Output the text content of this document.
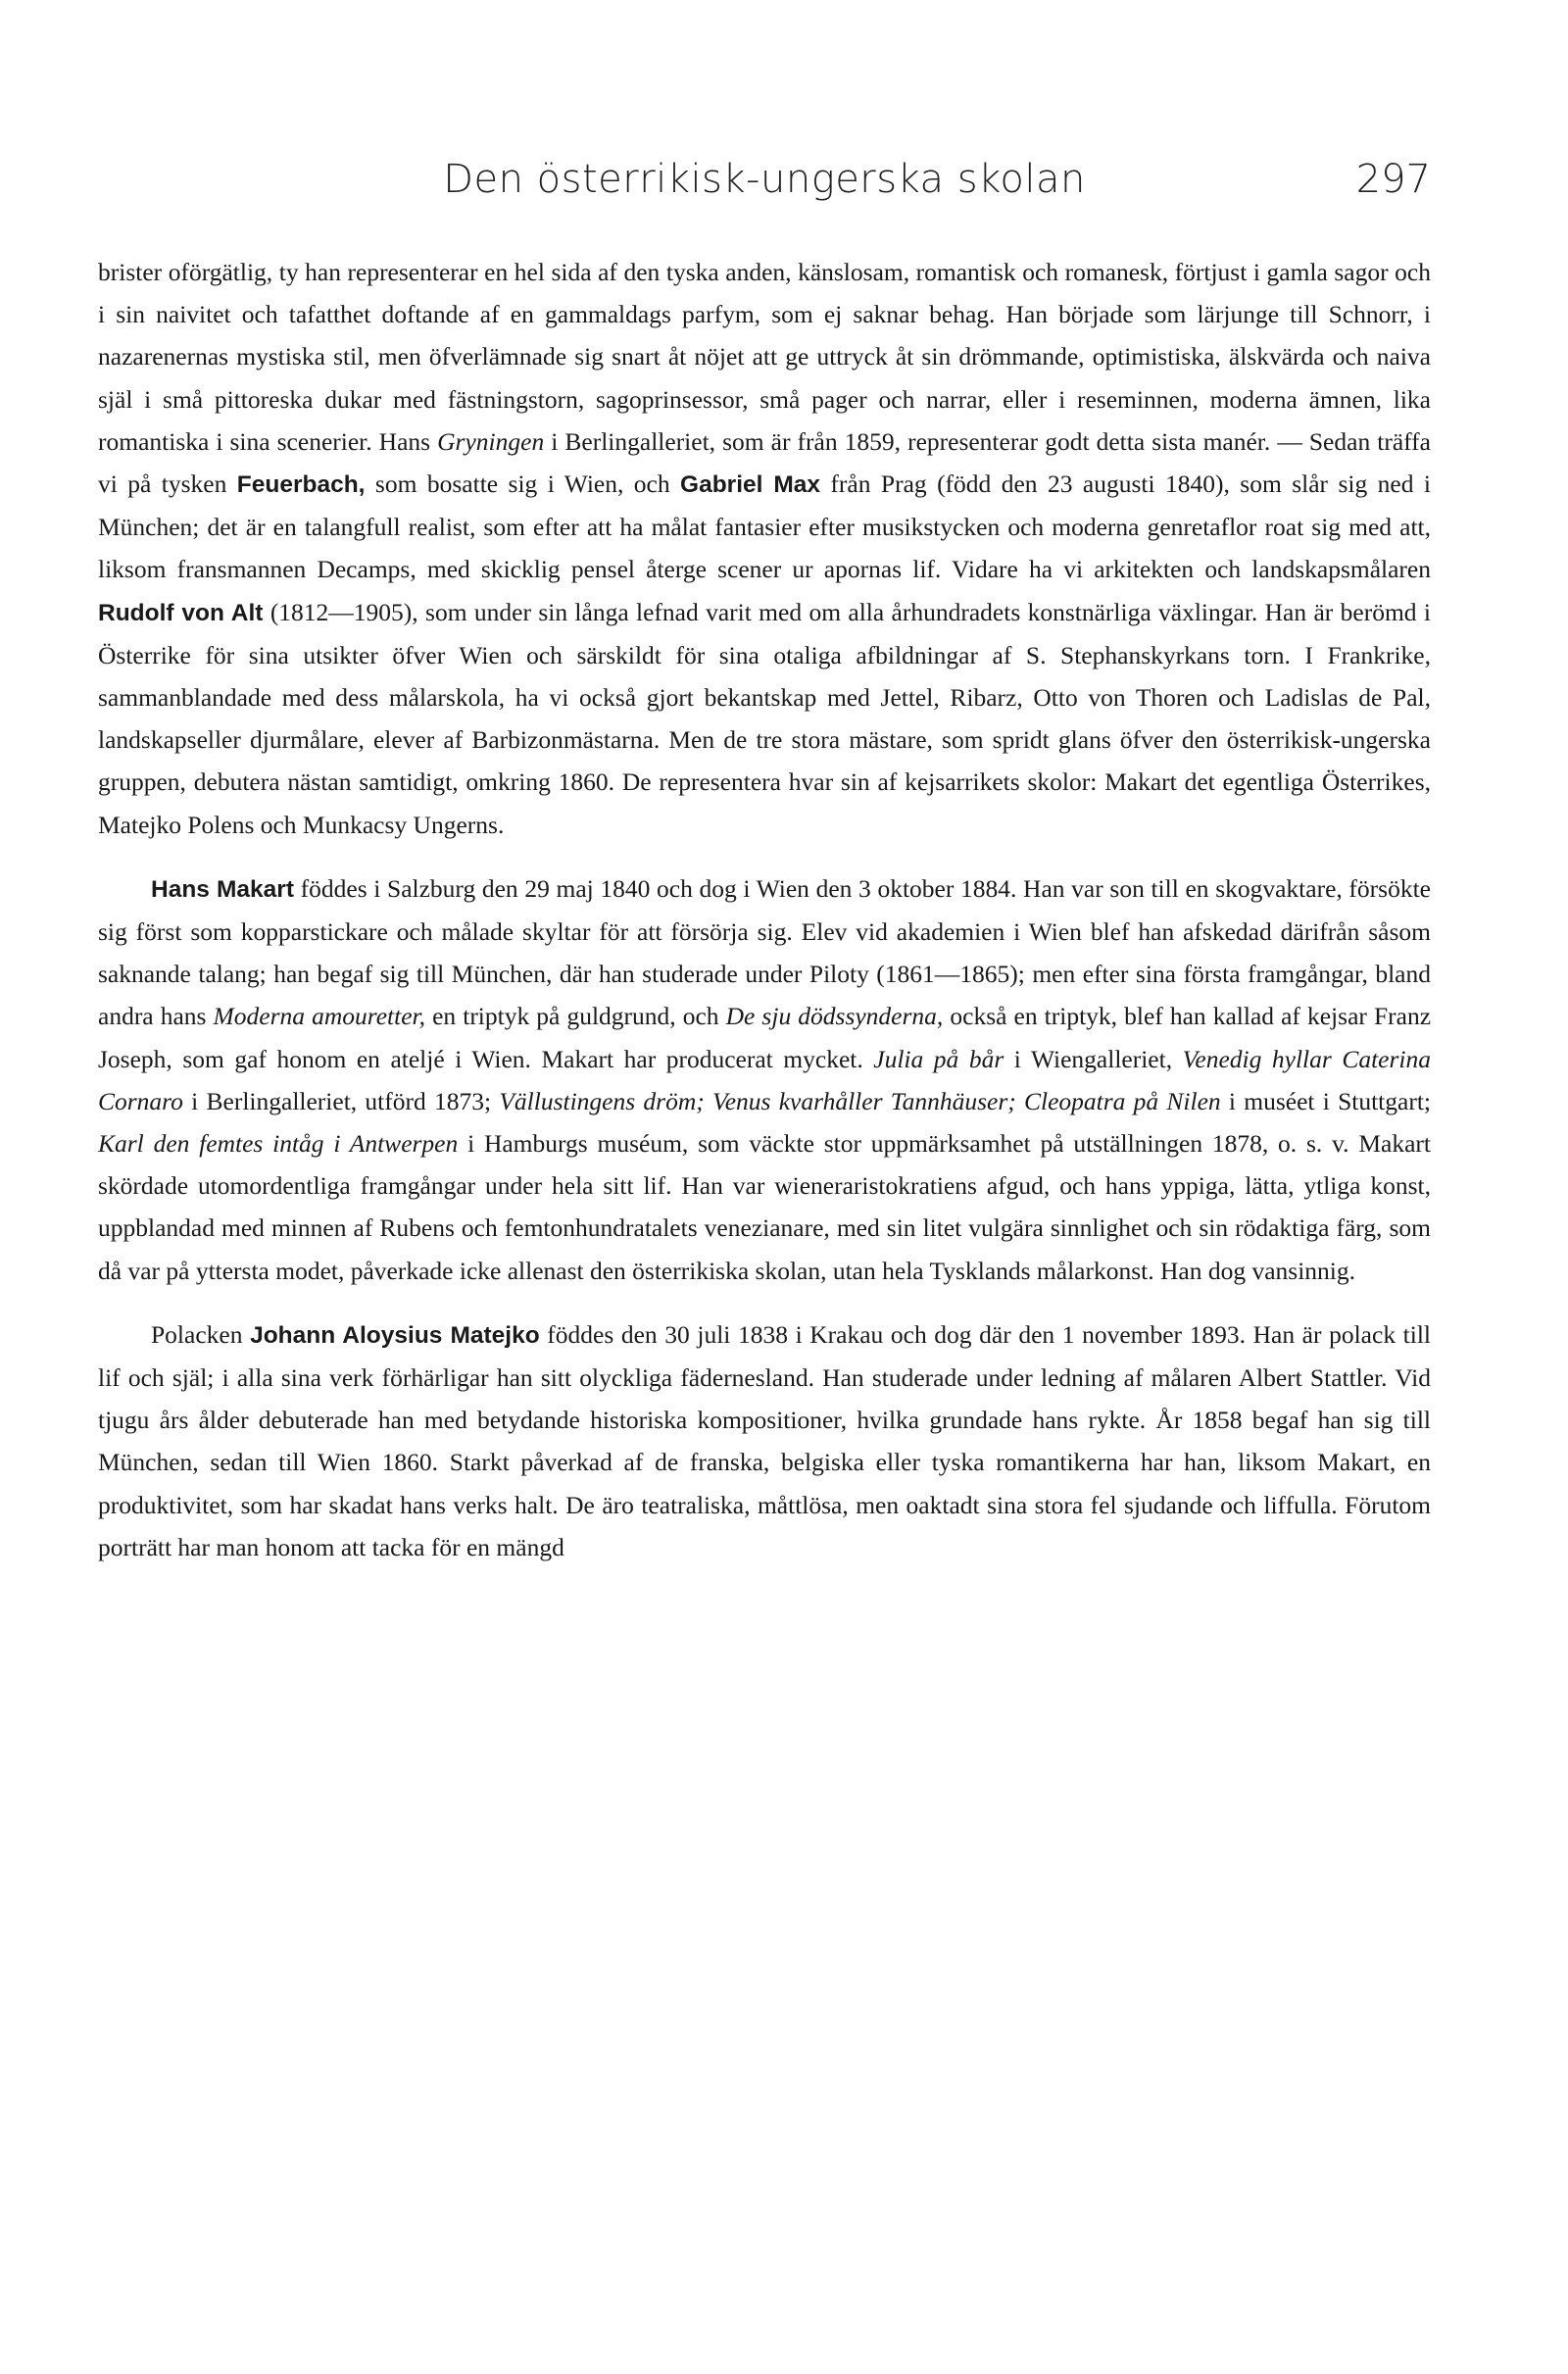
Den österrikisk-ungerska skolan	297

brister oförgätlig, ty han representerar en hel sida af den tyska anden, känslosam, romantisk och romanesk, förtjust i gamla sagor och i sin naivitet och tafatthet doftande af en gammaldags parfym, som ej saknar behag. Han började som lärjunge till Schnorr, i nazarenernas mystiska stil, men öfverlämnade sig snart åt nöjet att ge uttryck åt sin drömmande, optimistiska, älskvärda och naiva själ i små pittoreska dukar med fästningstorn, sagoprinsessor, små pager och narrar, eller i reseminnen, moderna ämnen, lika romantiska i sina scenerier. Hans Gryningen i Berlingalleriet, som är från 1859, representerar godt detta sista manér. — Sedan träffa vi på tysken Feuerbach, som bosatte sig i Wien, och Gabriel Max från Prag (född den 23 augusti 1840), som slår sig ned i München; det är en talangfull realist, som efter att ha målat fantasier efter musikstycken och moderna genretaflor roat sig med att, liksom fransmannen Decamps, med skicklig pensel återge scener ur apornas lif. Vidare ha vi arkitekten och landskapsmålaren Rudolf von Alt (1812—1905), som under sin långa lefnad varit med om alla århundradets konstnärliga växlingar. Han är berömd i Österrike för sina utsikter öfver Wien och särskildt för sina otaliga afbildningar af S. Stephanskyrkans torn. I Frankrike, sammanblandade med dess målarskola, ha vi också gjort bekantskap med Jettel, Ribarz, Otto von Thoren och Ladislas de Pal, landskapseller djurmålare, elever af Barbizonmästarna. Men de tre stora mästare, som spridt glans öfver den österrikisk-ungerska gruppen, debutera nästan samtidigt, omkring 1860. De representera hvar sin af kejsarrikets skolor: Makart det egentliga Österrikes, Matejko Polens och Munkacsy Ungerns.

Hans Makart föddes i Salzburg den 29 maj 1840 och dog i Wien den 3 oktober 1884. Han var son till en skogvaktare, försökte sig först som kopparstickare och målade skyltar för att försörja sig. Elev vid akademien i Wien blef han afskedad därifrån såsom saknande talang; han begaf sig till München, där han studerade under Piloty (1861—1865); men efter sina första framgångar, bland andra hans Moderna amouretter, en triptyk på guldgrund, och De sju dödssynderna, också en triptyk, blef han kallad af kejsar Franz Joseph, som gaf honom en ateljé i Wien. Makart har producerat mycket. Julia på bår i Wiengalleriet, Venedig hyllar Caterina Cornaro i Berlingalleriet, utförd 1873; Vällustingens dröm; Venus kvarhåller Tannhäuser; Cleopatra på Nilen i muséet i Stuttgart; Karl den femtes intåg i Antwerpen i Hamburgs muséum, som väckte stor uppmärksamhet på utställningen 1878, o. s. v. Makart skördade utomordentliga framgångar under hela sitt lif. Han var wieneraristokratiens afgud, och hans yppiga, lätta, ytliga konst, uppblandad med minnen af Rubens och femtonhundratalets venezianare, med sin litet vulgära sinnlighet och sin rödaktiga färg, som då var på yttersta modet, påverkade icke allenast den österrikiska skolan, utan hela Tysklands målarkonst. Han dog vansinnig.

Polacken Johann Aloysius Matejko föddes den 30 juli 1838 i Krakau och dog där den 1 november 1893. Han är polack till lif och själ; i alla sina verk förhärligar han sitt olyckliga fädernesland. Han studerade under ledning af målaren Albert Stattler. Vid tjugu års ålder debuterade han med betydande historiska kompositioner, hvilka grundade hans rykte. År 1858 begaf han sig till München, sedan till Wien 1860. Starkt påverkad af de franska, belgiska eller tyska romantikerna har han, liksom Makart, en produktivitet, som har skadat hans verks halt. De äro teatraliska, måttlösa, men oaktadt sina stora fel sjudande och liffulla. Förutom porträtt har man honom att tacka för en mängd
